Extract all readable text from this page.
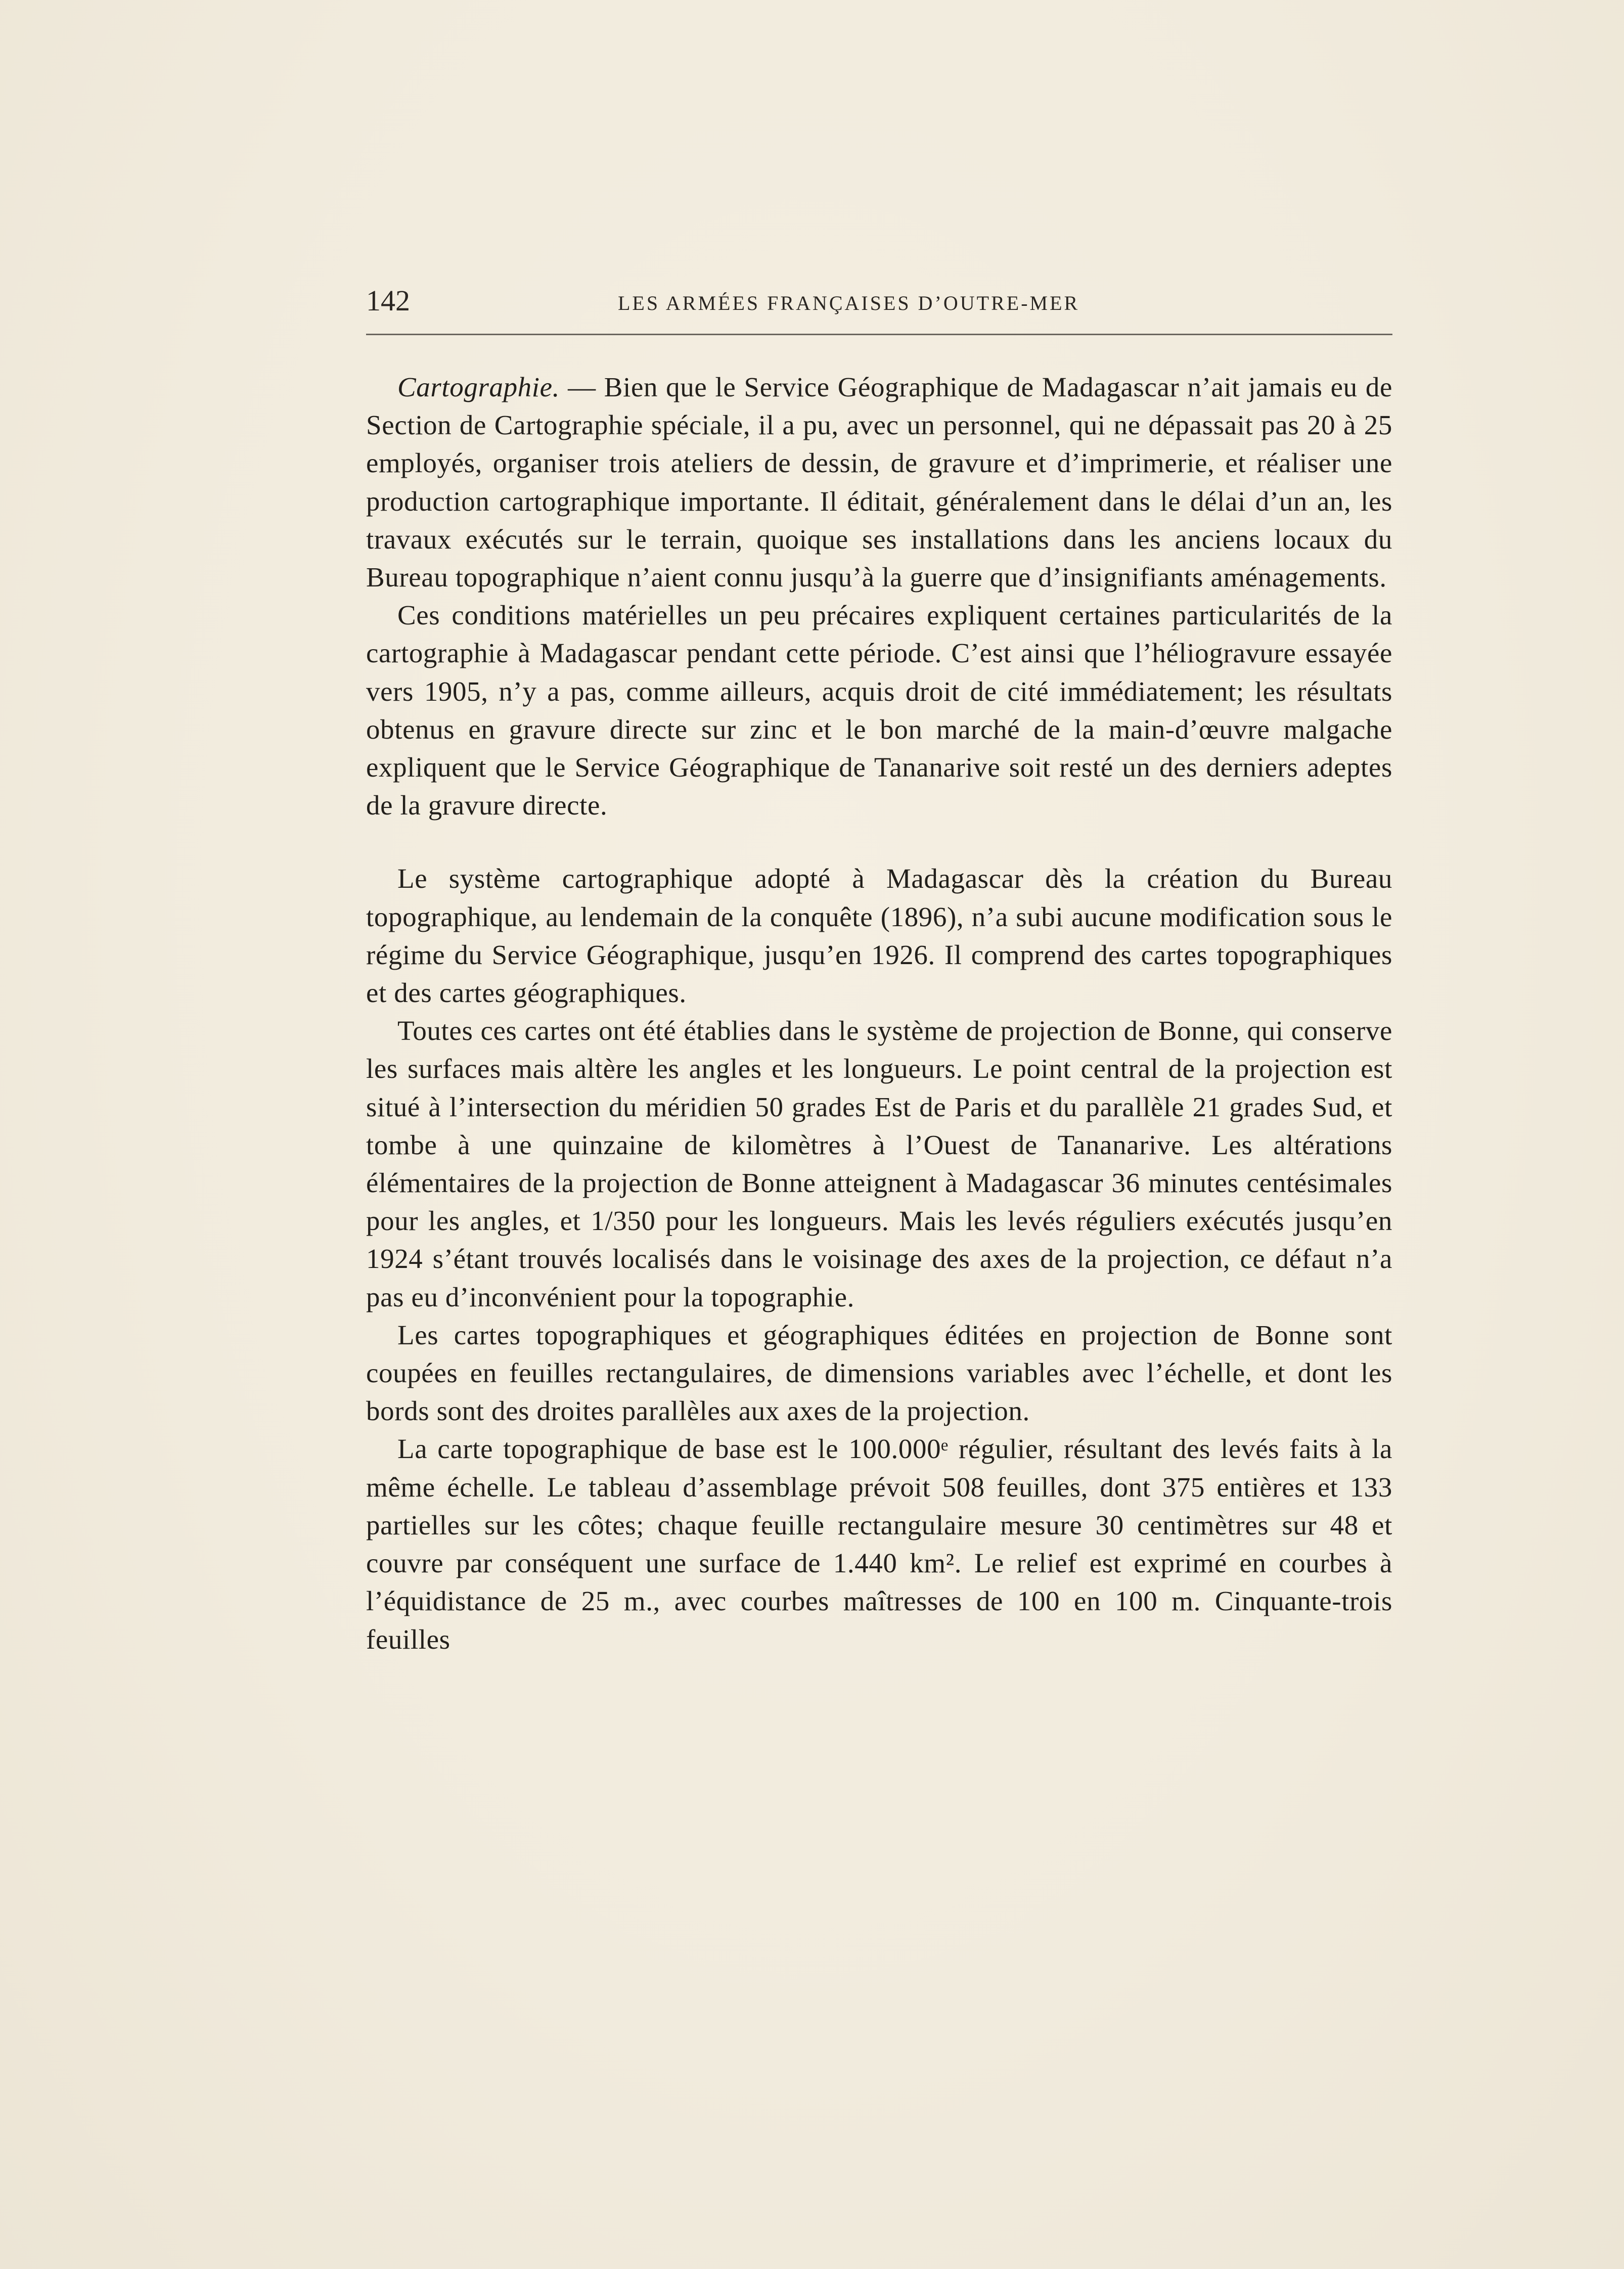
142	LES ARMÉES FRANÇAISES D’OUTRE-MER

Cartographie. — Bien que le Service Géographique de Madagascar n’ait jamais eu de Section de Cartographie spéciale, il a pu, avec un personnel, qui ne dépassait pas 20 à 25 employés, organiser trois ateliers de dessin, de gravure et d’imprimerie, et réaliser une production cartographique importante. Il éditait, généralement dans le délai d’un an, les travaux exécutés sur le terrain, quoique ses installations dans les anciens locaux du Bureau topographique n’aient connu jusqu’à la guerre que d’insignifiants aménagements.

Ces conditions matérielles un peu précaires expliquent certaines particularités de la cartographie à Madagascar pendant cette période. C’est ainsi que l’héliogravure essayée vers 1905, n’y a pas, comme ailleurs, acquis droit de cité immédiatement; les résultats obtenus en gravure directe sur zinc et le bon marché de la main-d’œuvre malgache expliquent que le Service Géographique de Tananarive soit resté un des derniers adeptes de la gravure directe.

Le système cartographique adopté à Madagascar dès la création du Bureau topographique, au lendemain de la conquête (1896), n’a subi aucune modification sous le régime du Service Géographique, jusqu’en 1926. Il comprend des cartes topographiques et des cartes géographiques.

Toutes ces cartes ont été établies dans le système de projection de Bonne, qui conserve les surfaces mais altère les angles et les longueurs. Le point central de la projection est situé à l’intersection du méridien 50 grades Est de Paris et du parallèle 21 grades Sud, et tombe à une quinzaine de kilomètres à l’Ouest de Tananarive. Les altérations élémentaires de la projection de Bonne atteignent à Madagascar 36 minutes centésimales pour les angles, et 1/350 pour les longueurs. Mais les levés réguliers exécutés jusqu’en 1924 s’étant trouvés localisés dans le voisinage des axes de la projection, ce défaut n’a pas eu d’inconvénient pour la topographie.

Les cartes topographiques et géographiques éditées en projection de Bonne sont coupées en feuilles rectangulaires, de dimensions variables avec l’échelle, et dont les bords sont des droites parallèles aux axes de la projection.

La carte topographique de base est le 100.000ᵉ régulier, résultant des levés faits à la même échelle. Le tableau d’assemblage prévoit 508 feuilles, dont 375 entières et 133 partielles sur les côtes; chaque feuille rectangulaire mesure 30 centimètres sur 48 et couvre par conséquent une surface de 1.440 km². Le relief est exprimé en courbes à l’équidistance de 25 m., avec courbes maîtresses de 100 en 100 m. Cinquante-trois feuilles
